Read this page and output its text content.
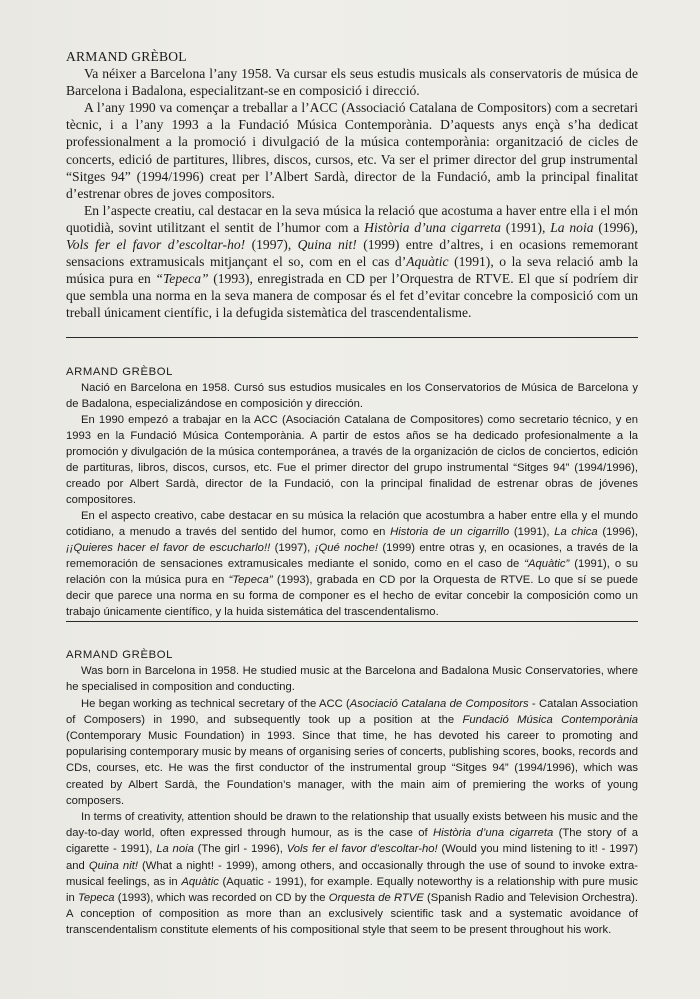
ARMAND GRÈBOL

Va néixer a Barcelona l’any 1958. Va cursar els seus estudis musicals als conservatoris de música de Barcelona i Badalona, especialitzant-se en composició i direcció.

A l’any 1990 va començar a treballar a l’ACC (Associació Catalana de Compositors) com a secretari tècnic, i a l’any 1993 a la Fundació Música Contemporània. D’aquests anys ençà s’ha dedicat professionalment a la promoció i divulgació de la música contemporània: organització de cicles de concerts, edició de partitures, llibres, discos, cursos, etc. Va ser el primer director del grup instrumental “Sitges 94” (1994/1996) creat per l’Albert Sardà, director de la Fundació, amb la principal finalitat d’estrenar obres de joves compositors.

En l’aspecte creatiu, cal destacar en la seva música la relació que acostuma a haver entre ella i el món quotidià, sovint utilitzant el sentit de l’humor com a Història d’una cigarreta (1991), La noia (1996), Vols fer el favor d’escoltar-ho! (1997), Quina nit! (1999) entre d’altres, i en ocasions rememorant sensacions extramusicals mitjançant el so, com en el cas d’Aquàtic (1991), o la seva relació amb la música pura en “Tepeca” (1993), enregistrada en CD per l’Orquestra de RTVE. El que sí podríem dir que sembla una norma en la seva manera de composar és el fet d’evitar concebre la composició com un treball únicament científic, i la defugida sistemàtica del trascendentalisme.

ARMAND GRÈBOL

Nació en Barcelona en 1958. Cursó sus estudios musicales en los Conservatorios de Música de Barcelona y de Badalona, especializándose en composición y dirección.

En 1990 empezó a trabajar en la ACC (Asociación Catalana de Compositores) como secretario técnico, y en 1993 en la Fundació Música Contemporània. A partir de estos años se ha dedicado profesionalmente a la promoción y divulgación de la música contemporánea, a través de la organización de ciclos de conciertos, edición de partituras, libros, discos, cursos, etc. Fue el primer director del grupo instrumental “Sitges 94” (1994/1996), creado por Albert Sardà, director de la Fundació, con la principal finalidad de estrenar obras de jóvenes compositores.

En el aspecto creativo, cabe destacar en su música la relación que acostumbra a haber entre ella y el mundo cotidiano, a menudo a través del sentido del humor, como en Historia de un cigarrillo (1991), La chica (1996), ¡¡Quieres hacer el favor de escucharlo!! (1997), ¡Qué noche! (1999) entre otras y, en ocasiones, a través de la rememoración de sensaciones extramusicales mediante el sonido, como en el caso de “Aquàtic” (1991), o su relación con la música pura en “Tepeca” (1993), grabada en CD por la Orquesta de RTVE. Lo que sí se puede decir que parece una norma en su forma de componer es el hecho de evitar concebir la composición como un trabajo únicamente científico, y la huida sistemática del trascendentalismo.

ARMAND GRÈBOL

Was born in Barcelona in 1958. He studied music at the Barcelona and Badalona Music Conservatories, where he specialised in composition and conducting.

He began working as technical secretary of the ACC (Asociació Catalana de Compositors - Catalan Association of Composers) in 1990, and subsequently took up a position at the Fundació Música Contemporània (Contemporary Music Foundation) in 1993. Since that time, he has devoted his career to promoting and popularising contemporary music by means of organising series of concerts, publishing scores, books, records and CDs, courses, etc. He was the first conductor of the instrumental group “Sitges 94” (1994/1996), which was created by Albert Sardà, the Foundation’s manager, with the main aim of premiering the works of young composers.

In terms of creativity, attention should be drawn to the relationship that usually exists between his music and the day-to-day world, often expressed through humour, as is the case of Història d’una cigarreta (The story of a cigarette - 1991), La noia (The girl - 1996), Vols fer el favor d’escoltar-ho! (Would you mind listening to it! - 1997) and Quina nit! (What a night! - 1999), among others, and occasionally through the use of sound to invoke extra-musical feelings, as in Aquàtic (Aquatic - 1991), for example. Equally noteworthy is a relationship with pure music in Tepeca (1993), which was recorded on CD by the Orquesta de RTVE (Spanish Radio and Television Orchestra). A conception of composition as more than an exclusively scientific task and a systematic avoidance of transcendentalism constitute elements of his compositional style that seem to be present throughout his work.
